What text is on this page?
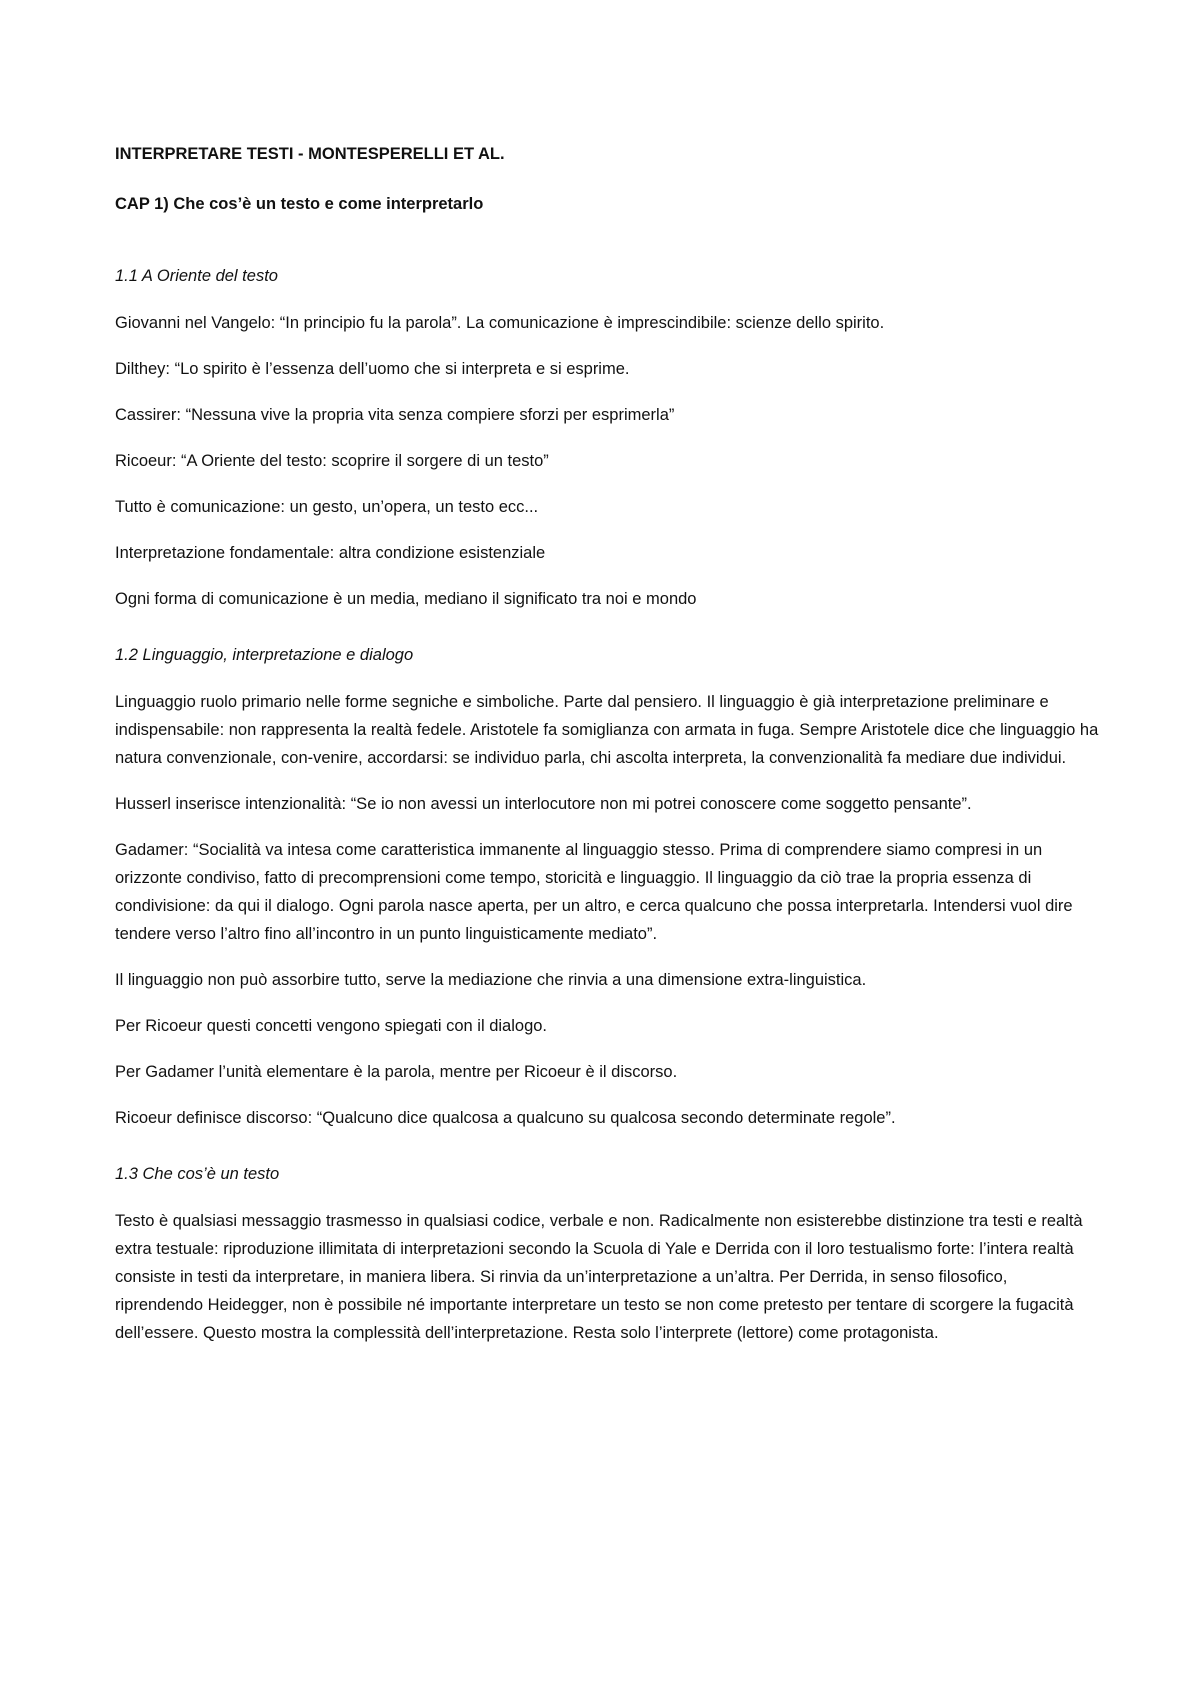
INTERPRETARE TESTI - MONTESPERELLI ET AL.
CAP 1) Che cos’è un testo e come interpretarlo
1.1 A Oriente del testo

Giovanni nel Vangelo: “In principio fu la parola”. La comunicazione è imprescindibile: scienze dello spirito.

Dilthey: “Lo spirito è l’essenza dell’uomo che si interpreta e si esprime.

Cassirer: “Nessuna vive la propria vita senza compiere sforzi per esprimerla”

Ricoeur: “A Oriente del testo: scoprire il sorgere di un testo”

Tutto è comunicazione: un gesto, un’opera, un testo ecc...

Interpretazione fondamentale: altra condizione esistenziale

Ogni forma di comunicazione è un media, mediano il significato tra noi e mondo

1.2 Linguaggio, interpretazione e dialogo

Linguaggio ruolo primario nelle forme segniche e simboliche. Parte dal pensiero. Il linguaggio è già interpretazione preliminare e indispensabile: non rappresenta la realtà fedele. Aristotele fa somiglianza con armata in fuga. Sempre Aristotele dice che linguaggio ha natura convenzionale, con-venire, accordarsi: se individuo parla, chi ascolta interpreta, la convenzionalità fa mediare due individui.

Husserl inserisce intenzionalità: “Se io non avessi un interlocutore non mi potrei conoscere come soggetto pensante”.

Gadamer: “Socialità va intesa come caratteristica immanente al linguaggio stesso. Prima di comprendere siamo compresi in un orizzonte condiviso, fatto di precomprensioni come tempo, storicità e linguaggio. Il linguaggio da ciò trae la propria essenza di condivisione: da qui il dialogo. Ogni parola nasce aperta, per un altro, e cerca qualcuno che possa interpretarla. Intendersi vuol dire tendere verso l’altro fino all’incontro in un punto linguisticamente mediato”.

Il linguaggio non può assorbire tutto, serve la mediazione che rinvia a una dimensione extra-linguistica.

Per Ricoeur questi concetti vengono spiegati con il dialogo.

Per Gadamer l’unità elementare è la parola, mentre per Ricoeur è il discorso.

Ricoeur definisce discorso: “Qualcuno dice qualcosa a qualcuno su qualcosa secondo determinate regole”.

1.3 Che cos’è un testo

Testo è qualsiasi messaggio trasmesso in qualsiasi codice, verbale e non. Radicalmente non esisterebbe distinzione tra testi e realtà extra testuale: riproduzione illimitata di interpretazioni secondo la Scuola di Yale e Derrida con il loro testualismo forte: l’intera realtà consiste in testi da interpretare, in maniera libera. Si rinvia da un’interpretazione a un’altra. Per Derrida, in senso filosofico, riprendendo Heidegger, non è possibile né importante interpretare un testo se non come pretesto per tentare di scorgere la fugacità dell’essere. Questo mostra la complessità dell’interpretazione. Resta solo l’interprete (lettore) come protagonista.
